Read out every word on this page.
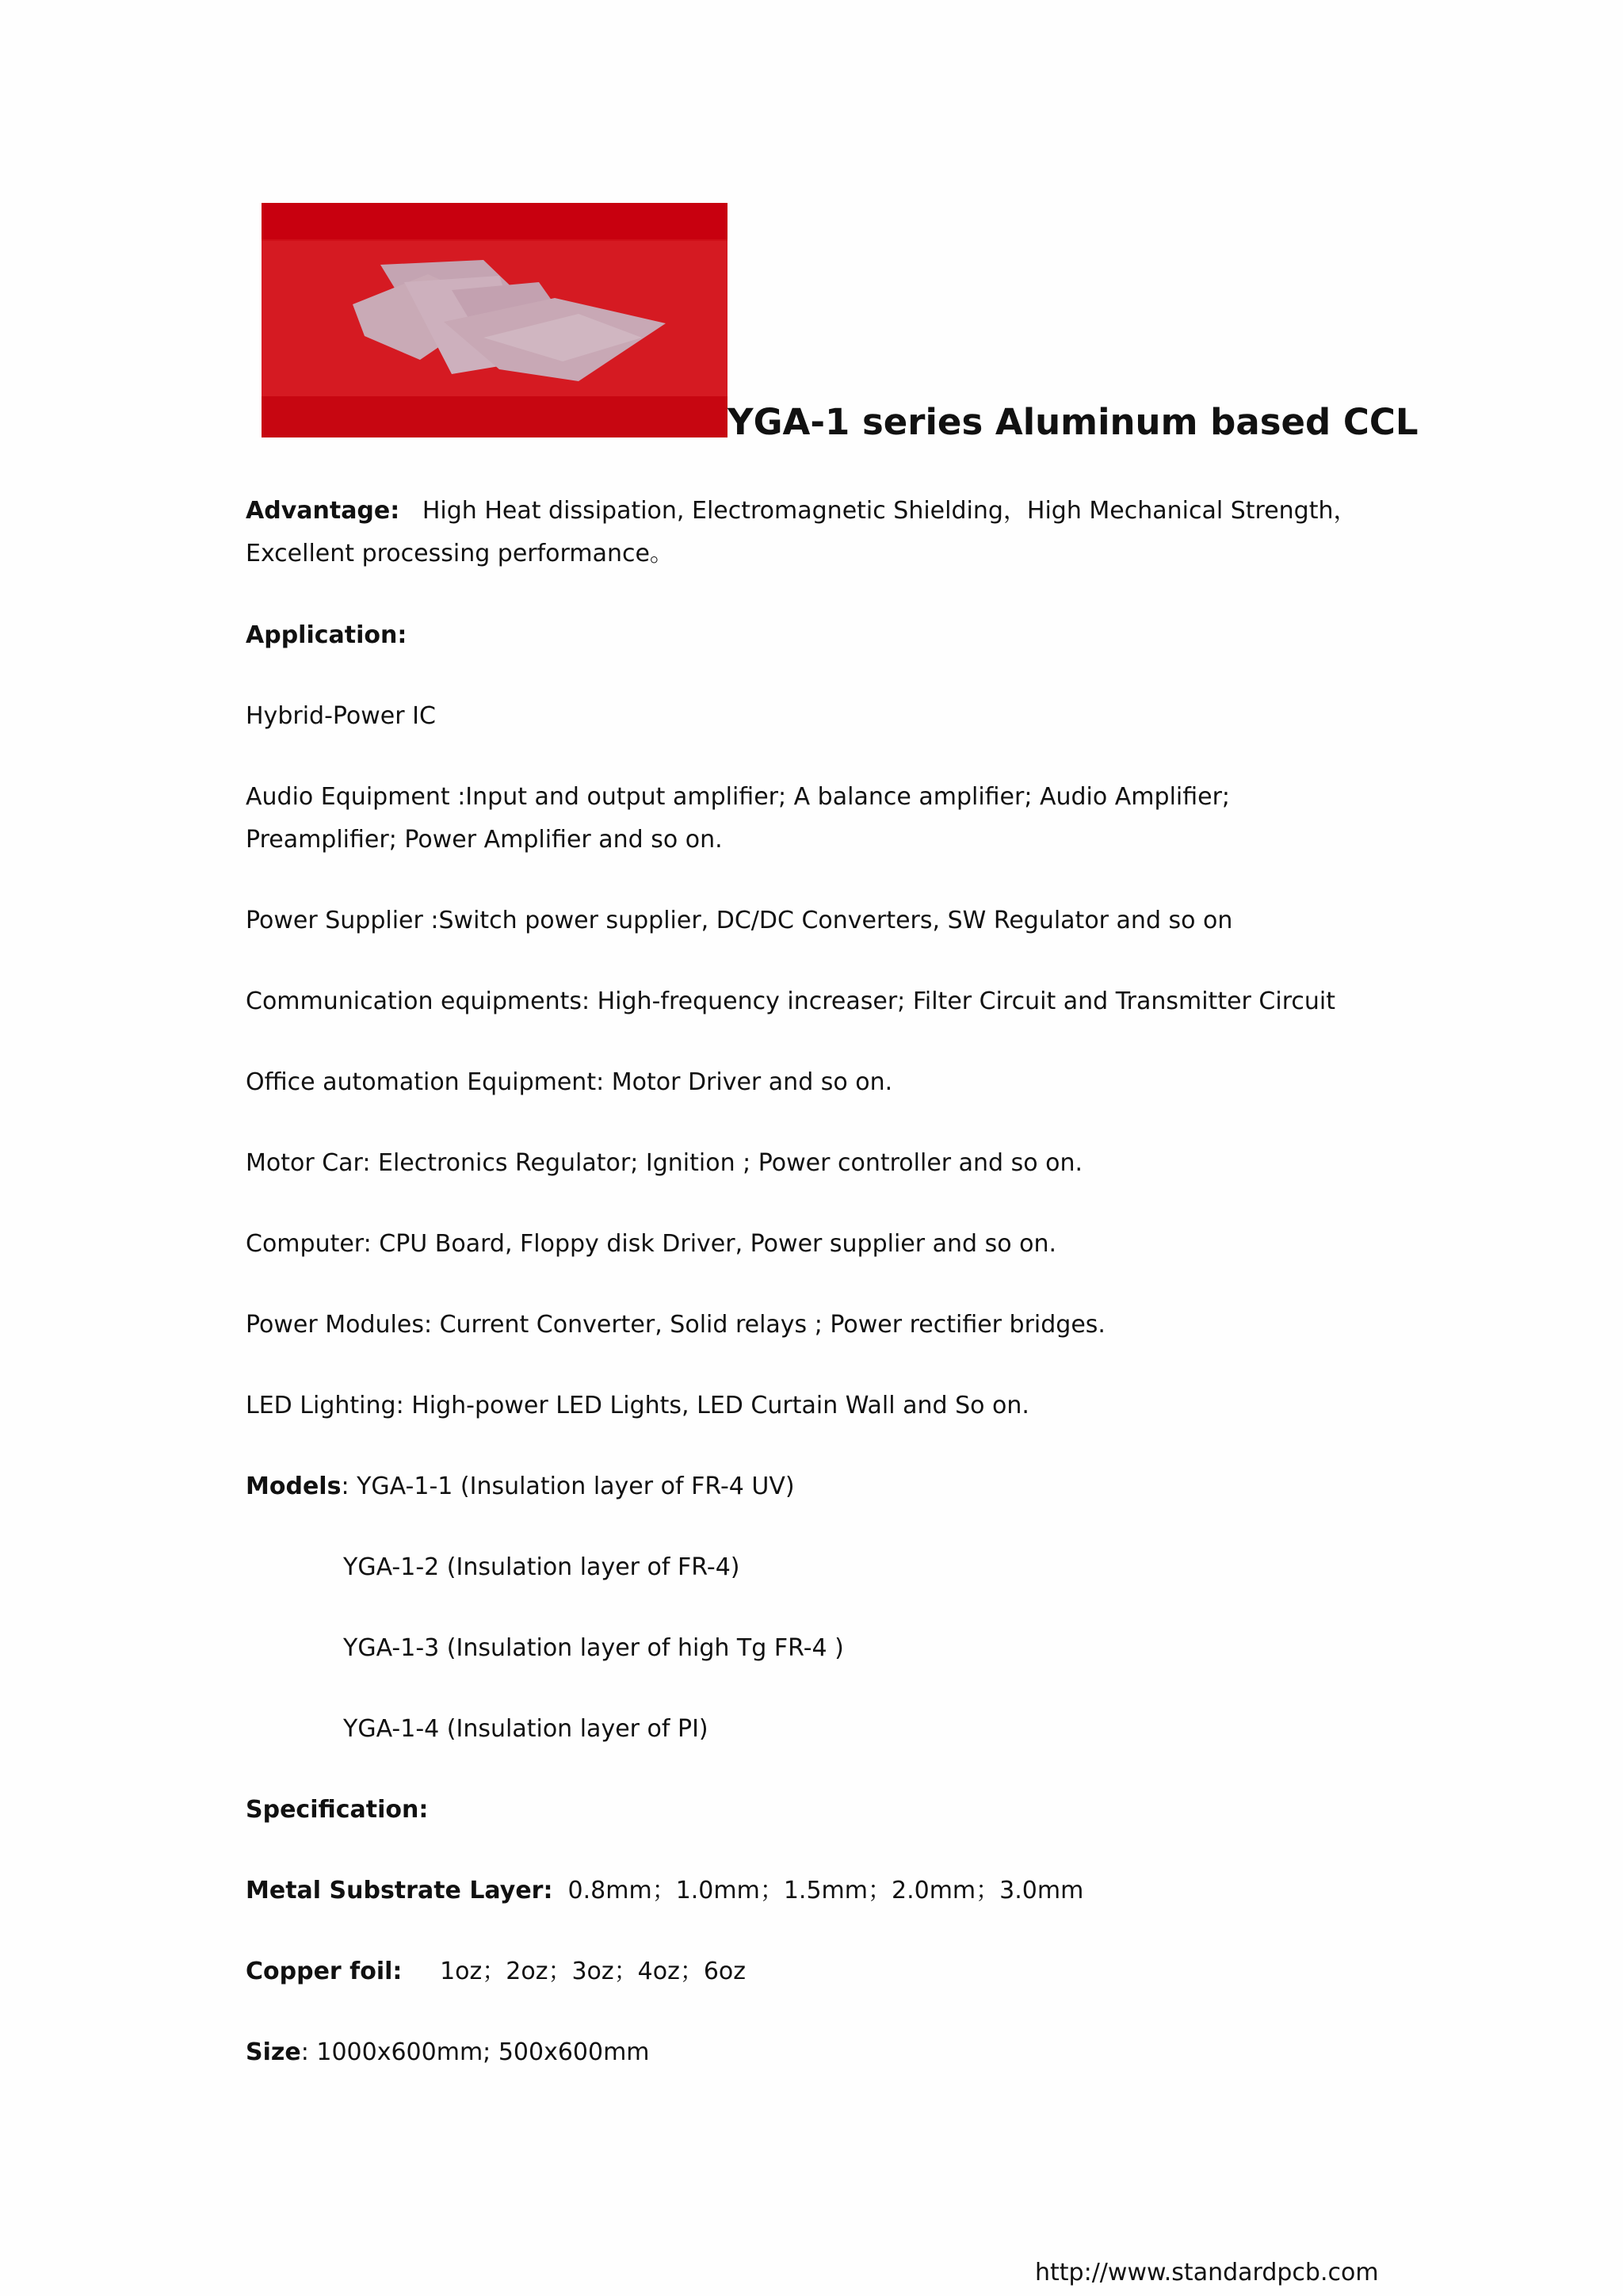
YGA-1 series Aluminum based CCL
Advantage: High Heat dissipation, Electromagnetic Shielding，High Mechanical Strength，Excellent processing performance。
Application:
Hybrid-Power IC
Audio Equipment :Input and output amplifier; A balance amplifier; Audio Amplifier; Preamplifier; Power Amplifier and so on.
Power Supplier :Switch power supplier, DC/DC Converters, SW Regulator and so on
Communication equipments: High-frequency increaser; Filter Circuit and Transmitter Circuit
Office automation Equipment: Motor Driver and so on.
Motor Car: Electronics Regulator; Ignition ; Power controller and so on.
Computer: CPU Board, Floppy disk Driver, Power supplier and so on.
Power Modules: Current Converter, Solid relays ; Power rectifier bridges.
LED Lighting: High-power LED Lights, LED Curtain Wall and So on.
Models: YGA-1-1 (Insulation layer of FR-4 UV)
YGA-1-2 (Insulation layer of FR-4)
YGA-1-3 (Insulation layer of high Tg FR-4 )
YGA-1-4 (Insulation layer of PI)
Specification:
Metal Substrate Layer: 0.8mm；1.0mm；1.5mm；2.0mm；3.0mm
Copper foil: 1oz；2oz；3oz；4oz；6oz
Size: 1000x600mm; 500x600mm
http://www.standardpcb.com
